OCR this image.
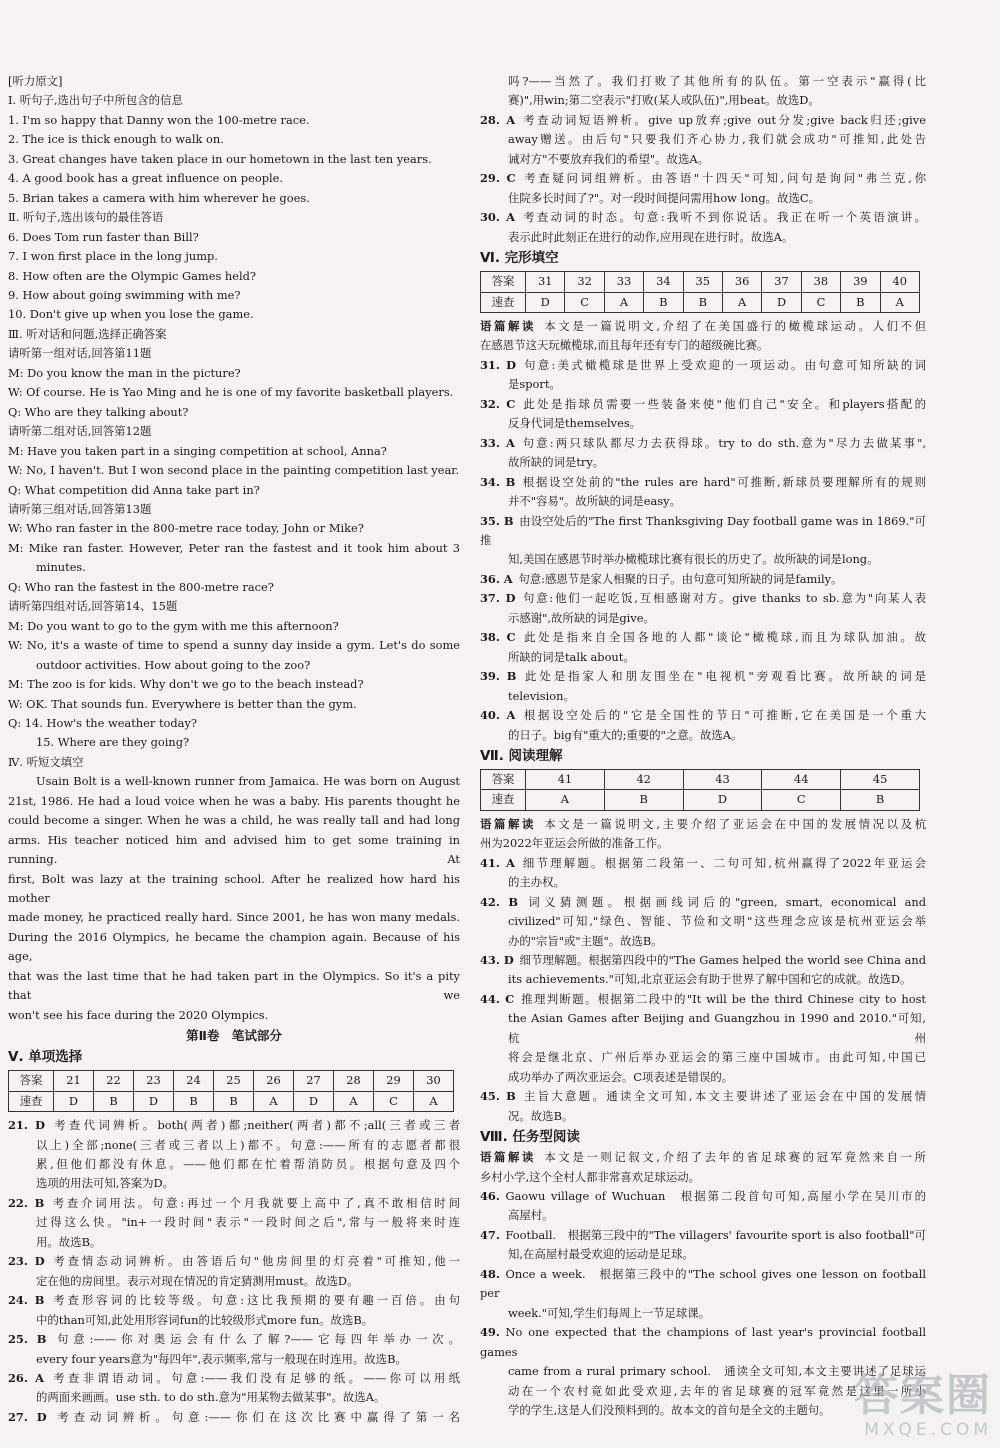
[听力原文]
Ⅰ. 听句子,选出句子中所包含的信息
1. I'm so happy that Danny won the 100-metre race.
2. The ice is thick enough to walk on.
3. Great changes have taken place in our hometown in the last ten years.
4. A good book has a great influence on people.
5. Brian takes a camera with him wherever he goes.
Ⅱ. 听句子,选出该句的最佳答语
6. Does Tom run faster than Bill?
7. I won first place in the long jump.
8. How often are the Olympic Games held?
9. How about going swimming with me?
10. Don't give up when you lose the game.
Ⅲ. 听对话和问题,选择正确答案
请听第一组对话,回答第11题
M: Do you know the man in the picture?
W: Of course. He is Yao Ming and he is one of my favorite basketball players.
Q: Who are they talking about?
请听第二组对话,回答第12题
M: Have you taken part in a singing competition at school, Anna?
W: No, I haven't. But I won second place in the painting competition last year.
Q: What competition did Anna take part in?
请听第三组对话,回答第13题
W: Who ran faster in the 800-metre race today, John or Mike?
M: Mike ran faster. However, Peter ran the fastest and it took him about 3
minutes.
Q: Who ran the fastest in the 800-metre race?
请听第四组对话,回答第14、15题
M: Do you want to go to the gym with me this afternoon?
W: No, it's a waste of time to spend a sunny day inside a gym. Let's do some
outdoor activities. How about going to the zoo?
M: The zoo is for kids. Why don't we go to the beach instead?
W: OK. That sounds fun. Everywhere is better than the gym.
Q: 14. How's the weather today?
15. Where are they going?
Ⅳ. 听短文填空
Usain Bolt is a well-known runner from Jamaica. He was born on August
21st, 1986. He had a loud voice when he was a baby. His parents thought he
could become a singer. When he was a child, he was really tall and had long
arms. His teacher noticed him and advised him to get some training in running. At
first, Bolt was lazy at the training school. After he realized how hard his mother
made money, he practiced really hard. Since 2001, he has won many medals.
During the 2016 Olympics, he became the champion again. Because of his age,
that was the last time that he had taken part in the Olympics. So it's a pity that we
won't see his face during the 2020 Olympics.
第Ⅱ卷　笔试部分
Ⅴ. 单项选择
答案	21	22	23	24	25	26	27	28	29	30
速查	D	B	D	B	B	A	D	A	C	A
21. D  考查代词辨析。both(两者)都;neither(两者)都不;all(三者或三者
以上)全部;none(三者或三者以上)都不。句意:——所有的志愿者都很
累,但他们都没有休息。——他们都在忙着帮消防员。根据句意及四个
选项的用法可知,答案为D。
22. B  考查介词用法。句意:再过一个月我就要上高中了,真不敢相信时间
过得这么快。"in+一段时间"表示"一段时间之后",常与一般将来时连
用。故选B。
23. D  考查情态动词辨析。由答语后句"他房间里的灯亮着"可推知,他一
定在他的房间里。表示对现在情况的肯定猜测用must。故选D。
24. B  考查形容词的比较等级。句意:这比我预期的要有趣一百倍。由句
中的than可知,此处用形容词fun的比较级形式more fun。故选B。
25. B  句意:——你对奥运会有什么了解?——它每四年举办一次。
every four years意为"每四年",表示频率,常与一般现在时连用。故选B。
26. A  考查非谓语动词。句意:——我们没有足够的纸。——你可以用纸
的两面来画画。use sth. to do sth.意为"用某物去做某事"。故选A。
27. D  考查动词辨析。句意:——你们在这次比赛中赢得了第一名
吗?——当然了。我们打败了其他所有的队伍。第一空表示"赢得(比
赛)",用win;第二空表示"打败(某人或队伍)",用beat。故选D。
28. A  考查动词短语辨析。give up放弃;give out分发;give back归还;give
away赠送。由后句"只要我们齐心协力,我们就会成功"可推知,此处告
诫对方"不要放弃我们的希望"。故选A。
29. C  考查疑问词组辨析。由答语"十四天"可知,问句是询问"弗兰克,你
住院多长时间了?"。对一段时间提问需用how long。故选C。
30. A  考查动词的时态。句意:我听不到你说话。我正在听一个英语演讲。
表示此时此刻正在进行的动作,应用现在进行时。故选A。
Ⅵ. 完形填空
答案	31	32	33	34	35	36	37	38	39	40
速查	D	C	A	B	B	A	D	C	B	A
语篇解读  本文是一篇说明文,介绍了在美国盛行的橄榄球运动。人们不但
在感恩节这天玩橄榄球,而且每年还有专门的超级碗比赛。
31. D  句意:美式橄榄球是世界上受欢迎的一项运动。由句意可知所缺的词
是sport。
32. C  此处是指球员需要一些装备来使"他们自己"安全。和players搭配的
反身代词是themselves。
33. A  句意:两只球队都尽力去获得球。try to do sth.意为"尽力去做某事",
故所缺的词是try。
34. B  根据设空处前的"the rules are hard"可推断,新球员要理解所有的规则
并不"容易"。故所缺的词是easy。
35. B  由设空处后的"The first Thanksgiving Day football game was in 1869."可推
知,美国在感恩节时举办橄榄球比赛有很长的历史了。故所缺的词是long。
36. A  句意:感恩节是家人相聚的日子。由句意可知所缺的词是family。
37. D  句意:他们一起吃饭,互相感谢对方。give thanks to sb.意为"向某人表
示感谢",故所缺的词是give。
38. C  此处是指来自全国各地的人都"谈论"橄榄球,而且为球队加油。故
所缺的词是talk about。
39. B  此处是指家人和朋友围坐在"电视机"旁观看比赛。故所缺的词是
television。
40. A  根据设空处后的"它是全国性的节日"可推断,它在美国是一个重大
的日子。big有"重大的;重要的"之意。故选A。
Ⅶ. 阅读理解
答案	41	42	43	44	45
速查	A	B	D	C	B
语篇解读  本文是一篇说明文,主要介绍了亚运会在中国的发展情况以及杭
州为2022年亚运会所做的准备工作。
41. A  细节理解题。根据第二段第一、二句可知,杭州赢得了2022年亚运会
的主办权。
42. B  词义猜测题。根据画线词后的"green, smart, economical and
civilized"可知,"绿色、智能、节俭和文明"这些理念应该是杭州亚运会举
办的"宗旨"或"主题"。故选B。
43. D  细节理解题。根据第四段中的"The Games helped the world see China and
its achievements."可知,北京亚运会有助于世界了解中国和它的成就。故选D。
44. C  推理判断题。根据第二段中的"It will be the third Chinese city to host
the Asian Games after Beijing and Guangzhou in 1990 and 2010."可知,杭州
将会是继北京、广州后举办亚运会的第三座中国城市。由此可知,中国已
成功举办了两次亚运会。C项表述是错误的。
45. B  主旨大意题。通读全文可知,本文主要讲述了亚运会在中国的发展情
况。故选B。
Ⅷ. 任务型阅读
语篇解读  本文是一则记叙文,介绍了去年的省足球赛的冠军竟然来自一所
乡村小学,这个全村人都非常喜欢足球运动。
46.  Gaowu village of Wuchuan　根据第二段首句可知,高屋小学在吴川市的
高屋村。
47.  Football.　根据第三段中的"The villagers' favourite sport is also football"可
知,在高屋村最受欢迎的运动是足球。
48.  Once a week.　根据第三段中的"The school gives one lesson on football per
week."可知,学生们每周上一节足球课。
49.  No one expected that the champions of last year's provincial football games
came from a rural primary school.　通读全文可知,本文主要讲述了足球运
动在一个农村竟如此受欢迎,去年的省足球赛的冠军竟然是这里一所小
学的学生,这是人们没预料到的。故本文的首句是全文的主题句。 答案圈
MXQE.COM
